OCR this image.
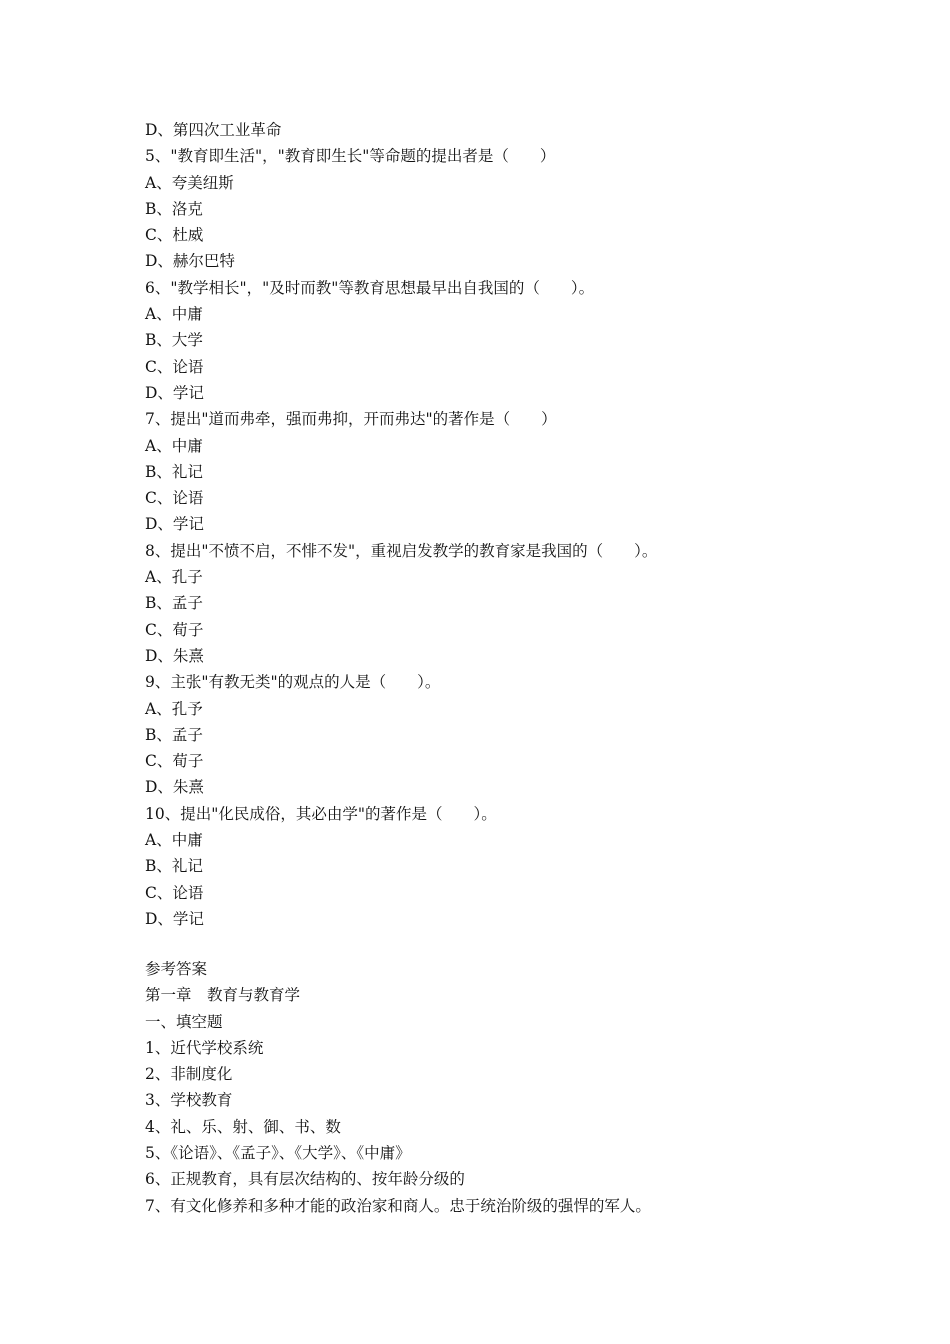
D、第四次工业革命
5、"教育即生活"，"教育即生长"等命题的提出者是（　　）
A、夸美纽斯
B、洛克
C、杜威
D、赫尔巴特
6、"教学相长"，"及时而教"等教育思想最早出自我国的（　　）。
A、中庸
B、大学
C、论语
D、学记
7、提出"道而弗牵，强而弗抑，开而弗达"的著作是（　　）
A、中庸
B、礼记
C、论语
D、学记
8、提出"不愤不启，不悱不发"，重视启发教学的教育家是我国的（　　）。
A、孔子
B、孟子
C、荀子
D、朱熹
9、主张"有教无类"的观点的人是（　　）。
A、孔予
B、孟子
C、荀子
D、朱熹
10、提出"化民成俗，其必由学"的著作是（　　）。
A、中庸
B、礼记
C、论语
D、学记
参考答案
第一章　教育与教育学
一、填空题
1、近代学校系统
2、非制度化
3、学校教育
4、礼、乐、射、御、书、数
5、《论语》、《孟子》、《大学》、《中庸》
6、正规教育，具有层次结构的、按年龄分级的
7、有文化修养和多种才能的政治家和商人。忠于统治阶级的强悍的军人。
